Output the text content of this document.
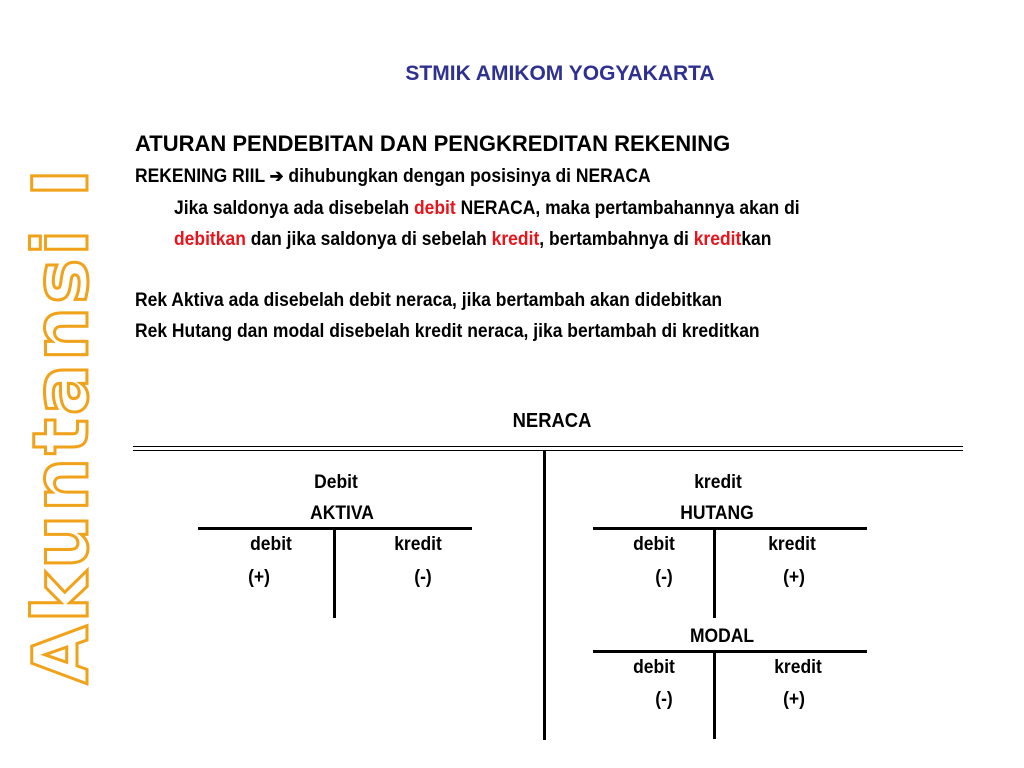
Akuntansi I
STMIK AMIKOM YOGYAKARTA
ATURAN PENDEBITAN DAN PENGKREDITAN REKENING
REKENING RIIL ➔ dihubungkan dengan posisinya di NERACA
Jika saldonya ada disebelah debit NERACA, maka pertambahannya akan di
debitkan dan jika saldonya di sebelah kredit, bertambahnya di kreditkan
Rek Aktiva ada disebelah debit neraca, jika bertambah akan didebitkan
Rek Hutang dan modal disebelah kredit neraca, jika bertambah di kreditkan
NERACA
Debit	kredit
AKTIVA
debit	kredit
(+)	(-)
HUTANG
debit	kredit
(-)	(+)
MODAL
debit	kredit
(-)	(+)
